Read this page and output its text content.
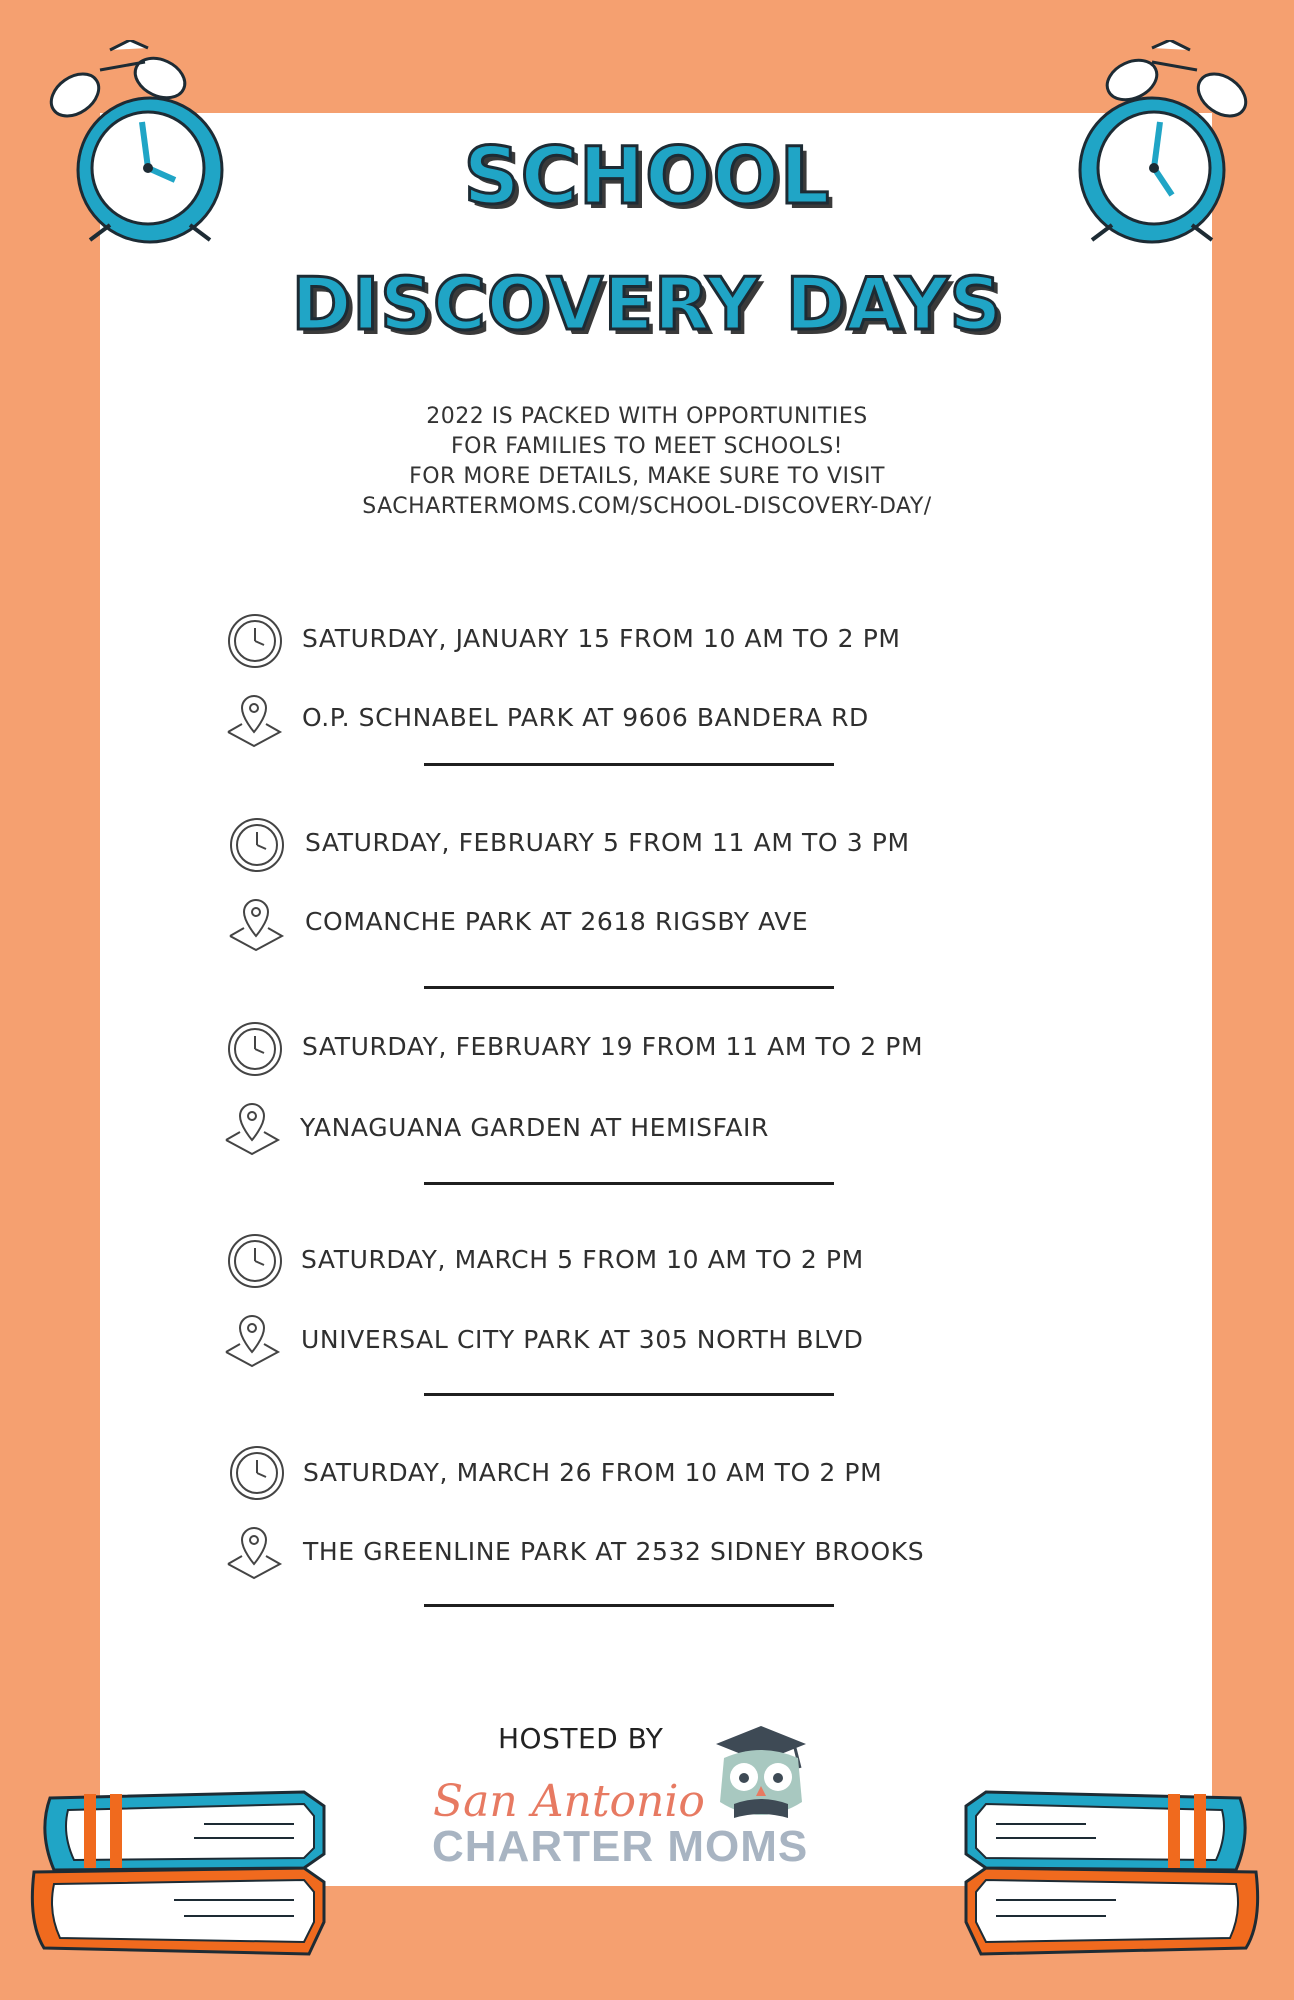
SCHOOL
DISCOVERY DAYS
2022 IS PACKED WITH OPPORTUNITIES
FOR FAMILIES TO MEET SCHOOLS!
FOR MORE DETAILS, MAKE SURE TO VISIT
SACHARTERMOMS.COM/SCHOOL-DISCOVERY-DAY/
SATURDAY, JANUARY 15 FROM 10 AM TO 2 PM
O.P. SCHNABEL PARK AT 9606 BANDERA RD
SATURDAY, FEBRUARY 5 FROM 11 AM TO 3 PM
COMANCHE PARK AT 2618 RIGSBY AVE
SATURDAY, FEBRUARY 19 FROM 11 AM TO 2 PM
YANAGUANA GARDEN AT HEMISFAIR
SATURDAY, MARCH 5 FROM 10 AM TO 2 PM
UNIVERSAL CITY PARK AT 305 NORTH BLVD
SATURDAY, MARCH 26 FROM 10 AM TO 2 PM
THE GREENLINE PARK AT 2532 SIDNEY BROOKS
HOSTED BY
San Antonio
CHARTER MOMS
